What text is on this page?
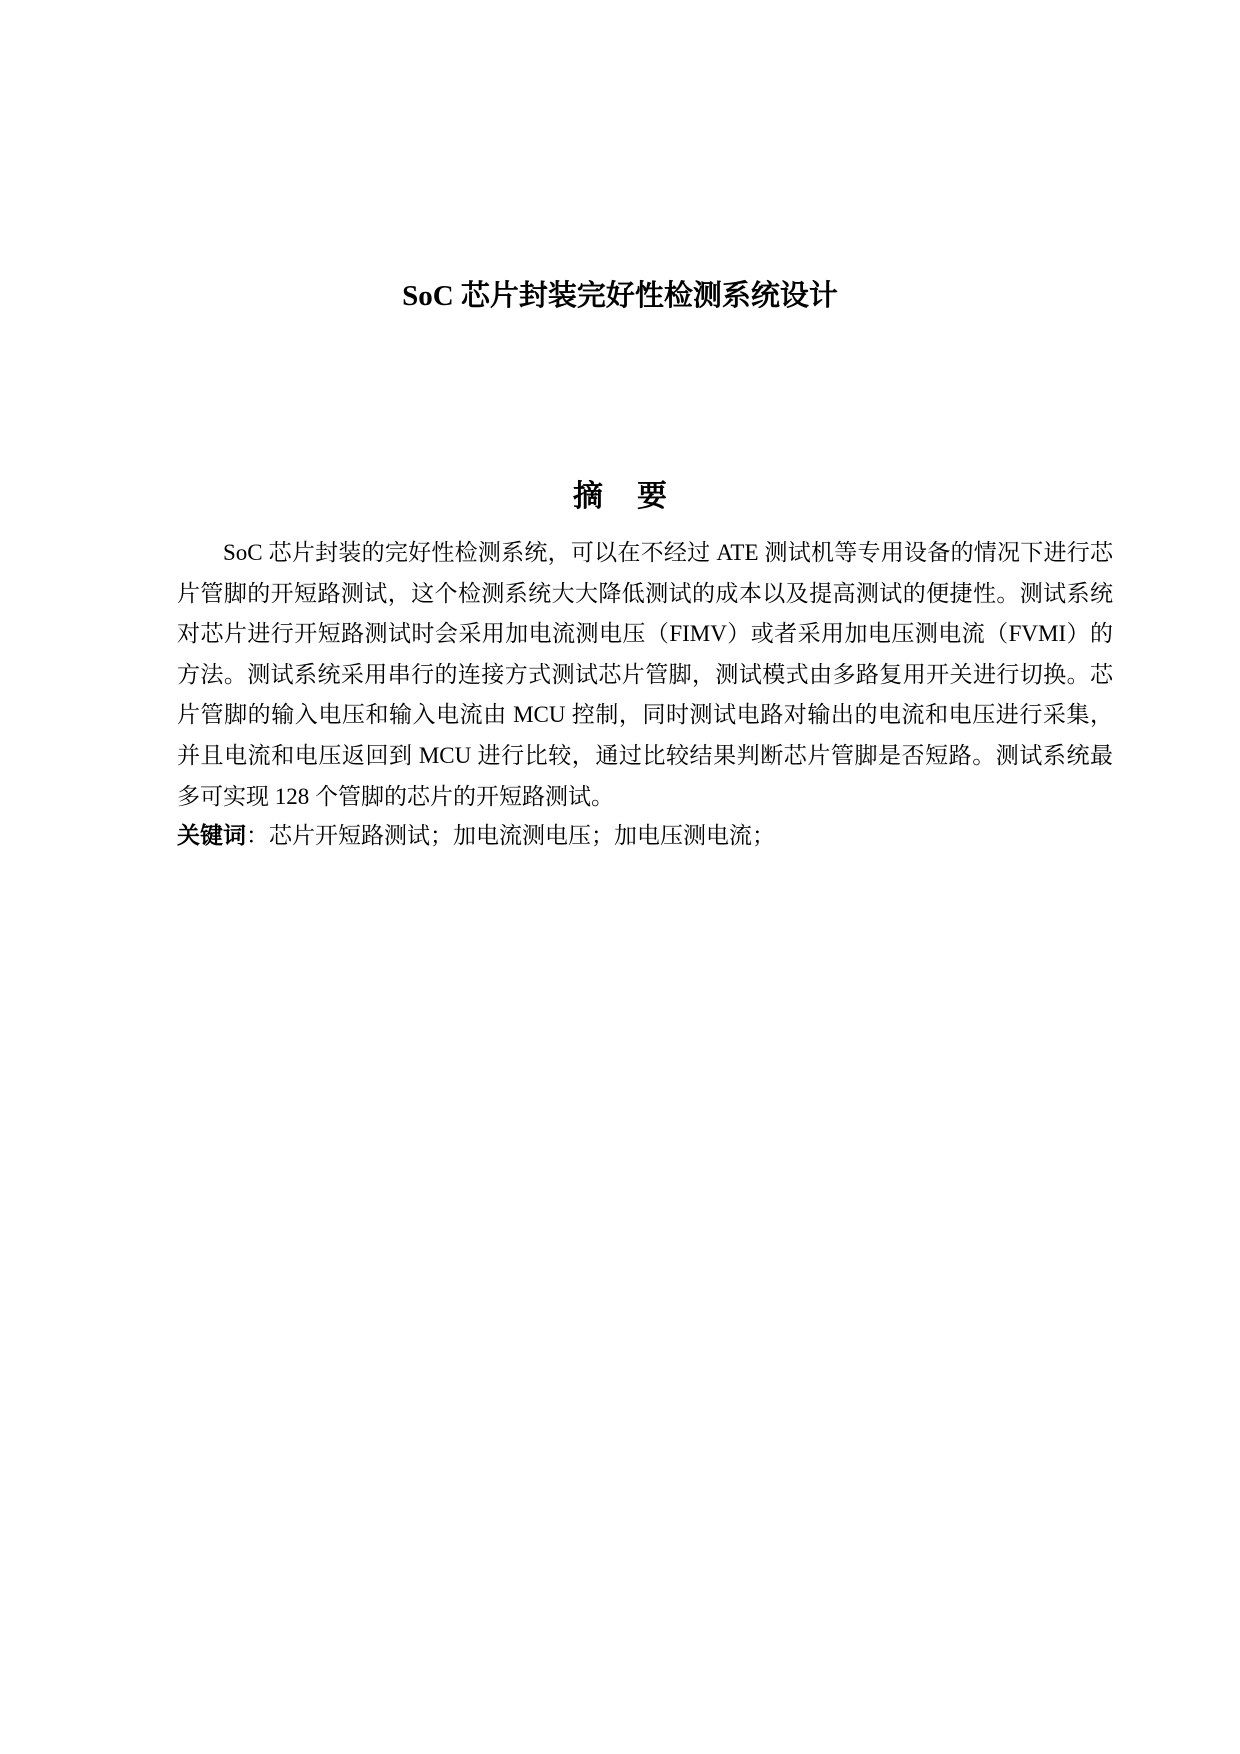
SoC 芯片封装完好性检测系统设计
摘 要

SoC 芯片封装的完好性检测系统，可以在不经过 ATE 测试机等专用设备的情况下进行芯片管脚的开短路测试，这个检测系统大大降低测试的成本以及提高测试的便捷性。测试系统对芯片进行开短路测试时会采用加电流测电压（FIMV）或者采用加电压测电流（FVMI）的方法。测试系统采用串行的连接方式测试芯片管脚，测试模式由多路复用开关进行切换。芯片管脚的输入电压和输入电流由 MCU 控制，同时测试电路对输出的电流和电压进行采集，并且电流和电压返回到 MCU 进行比较，通过比较结果判断芯片管脚是否短路。测试系统最多可实现 128 个管脚的芯片的开短路测试。

关键词：芯片开短路测试；加电流测电压；加电压测电流；
